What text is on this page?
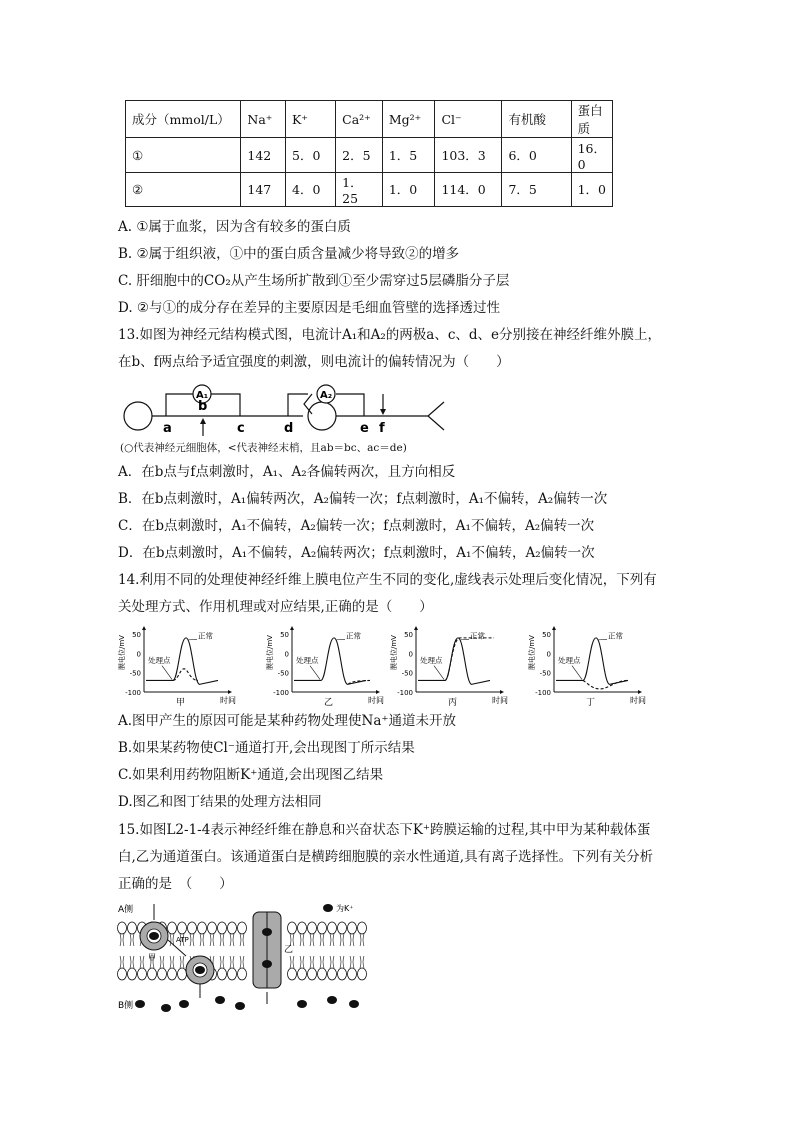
成分（mmol/L）	Na⁺	K⁺	Ca²⁺	Mg²⁺	Cl⁻	有机酸	蛋白质
①	142	5．0	2．5	1．5	103．3	6．0	16．0
②	147	4．0	1．25	1．0	114．0	7．5	1．0
A. ①属于血浆，因为含有较多的蛋白质
B. ②属于组织液，①中的蛋白质含量减少将导致②的增多
C. 肝细胞中的CO₂从产生场所扩散到①至少需穿过5层磷脂分子层
D. ②与①的成分存在差异的主要原因是毛细血管壁的选择透过性
13.如图为神经元结构模式图，电流计A₁和A₂的两极a、c、d、e分别接在神经纤维外膜上，
在b、f两点给予适宜强度的刺激，则电流计的偏转情况为（　　）
A₁	A₂
a
b
c	d	e f
(○代表神经元细胞体，<代表神经末梢，且ab＝bc、ac＝de)
A．在b点与f点刺激时，A₁、A₂各偏转两次，且方向相反
B．在b点刺激时，A₁偏转两次，A₂偏转一次；f点刺激时，A₁不偏转，A₂偏转一次
C．在b点刺激时，A₁不偏转，A₂偏转一次；f点刺激时，A₁不偏转，A₂偏转一次
D．在b点刺激时，A₁不偏转，A₂偏转两次；f点刺激时，A₁不偏转，A₂偏转一次
14.利用不同的处理使神经纤维上膜电位产生不同的变化,虚线表示处理后变化情况，下列有
关处理方式、作用机理或对应结果,正确的是（　　）
50
0
-50
-100
膜电位/mV
时间
甲
正常
处理点
50
0
-50
-100
膜电位/mV
时间
乙
正常
处理点
50
0
-50
-100
膜电位/mV
时间
丙
正常
处理点
50
0
-50
-100
膜电位/mV
时间
丁
正常
处理点
A.图甲产生的原因可能是某种药物处理使Na⁺通道未开放
B.如果某药物使Cl⁻通道打开,会出现图丁所示结果
C.如果利用药物阻断K⁺通道,会出现图乙结果
D.图乙和图丁结果的处理方法相同
15.如图L2-1-4表示神经纤维在静息和兴奋状态下K⁺跨膜运输的过程,其中甲为某种载体蛋
白,乙为通道蛋白。该通道蛋白是横跨细胞膜的亲水性通道,具有离子选择性。下列有关分析
正确的是　（　　）
乙
甲
ATP
A侧
B侧
为K⁺
